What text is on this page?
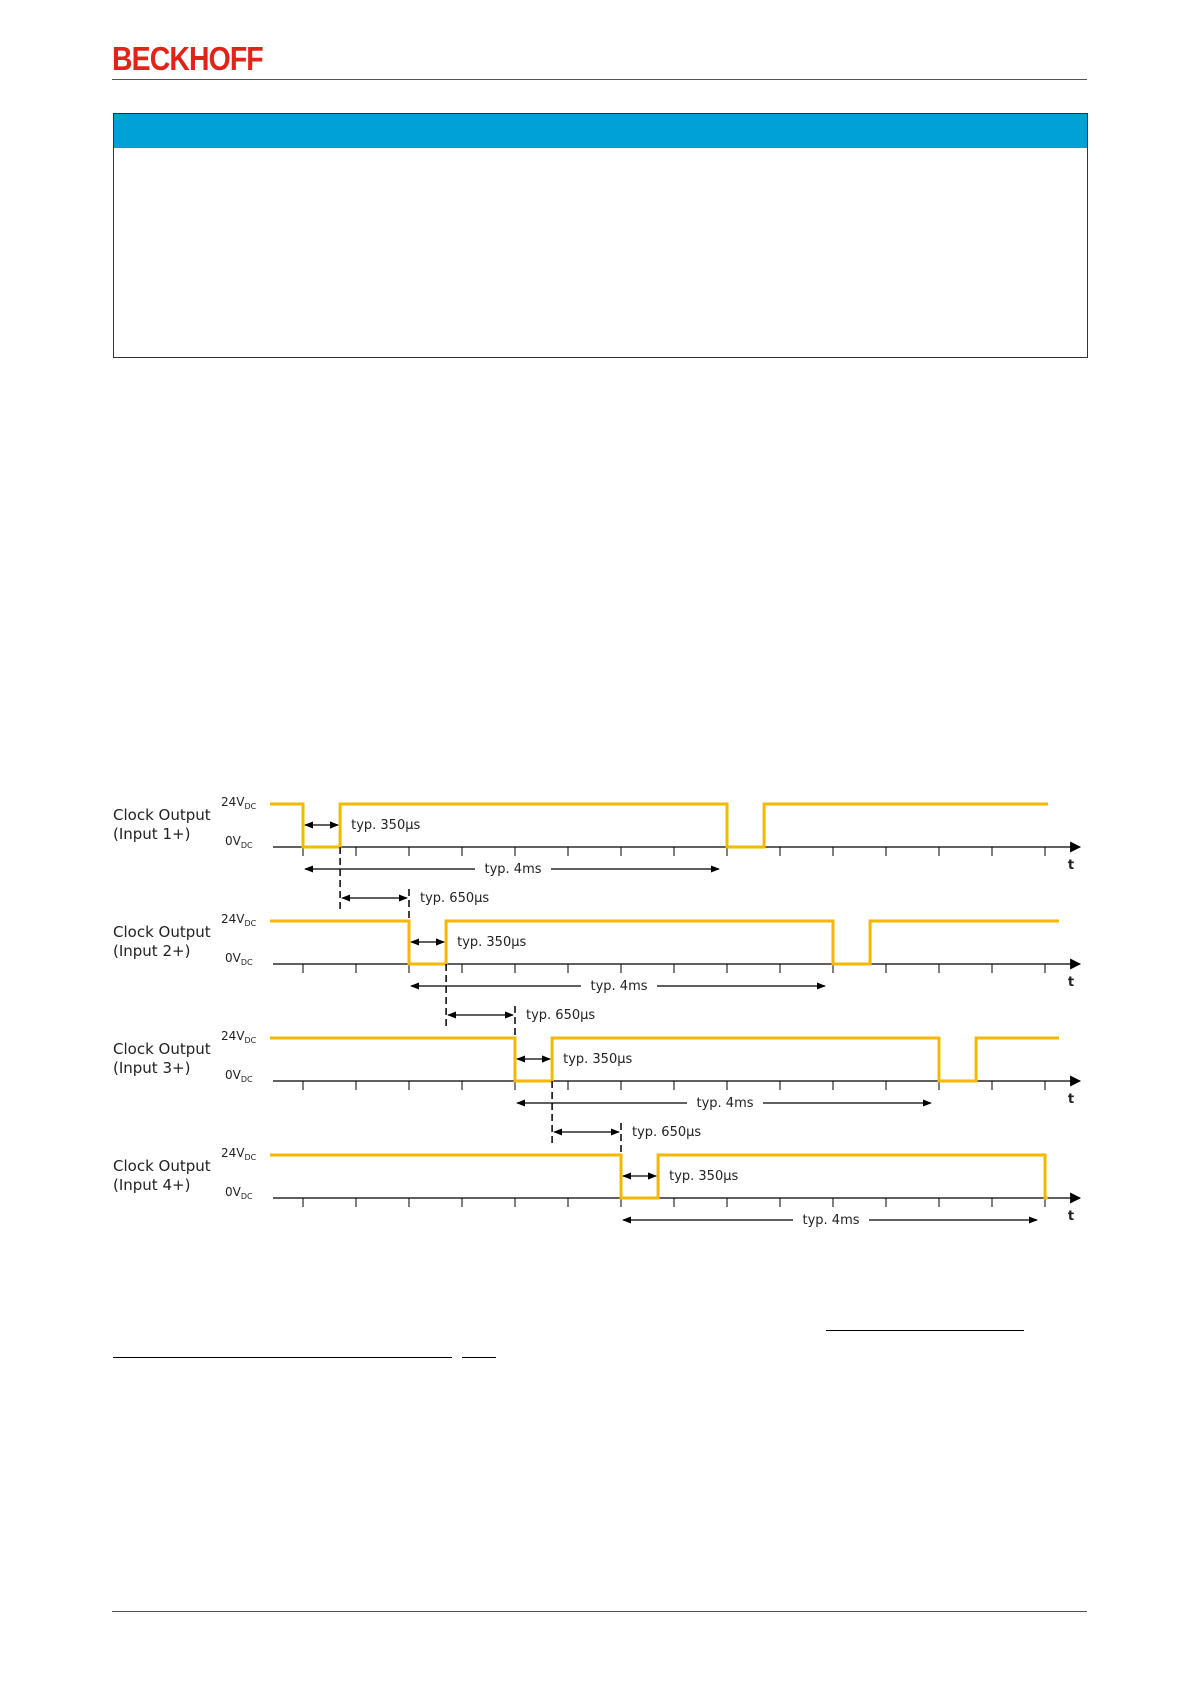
BECKHOFF
Clock Output
(Input 1+)
$24V_{DC}$
$0V_{DC}$
t
typ. 350µs
typ. 4ms
typ. 650µs
Clock Output
(Input 2+)
$24V_{DC}$
$0V_{DC}$
t
typ. 350µs
typ. 4ms
typ. 650µs
Clock Output
(Input 3+)
$24V_{DC}$
$0V_{DC}$
t
typ. 350µs
typ. 4ms
typ. 650µs
Clock Output
(Input 4+)
$24V_{DC}$
$0V_{DC}$
t
typ. 350µs
typ. 4ms
